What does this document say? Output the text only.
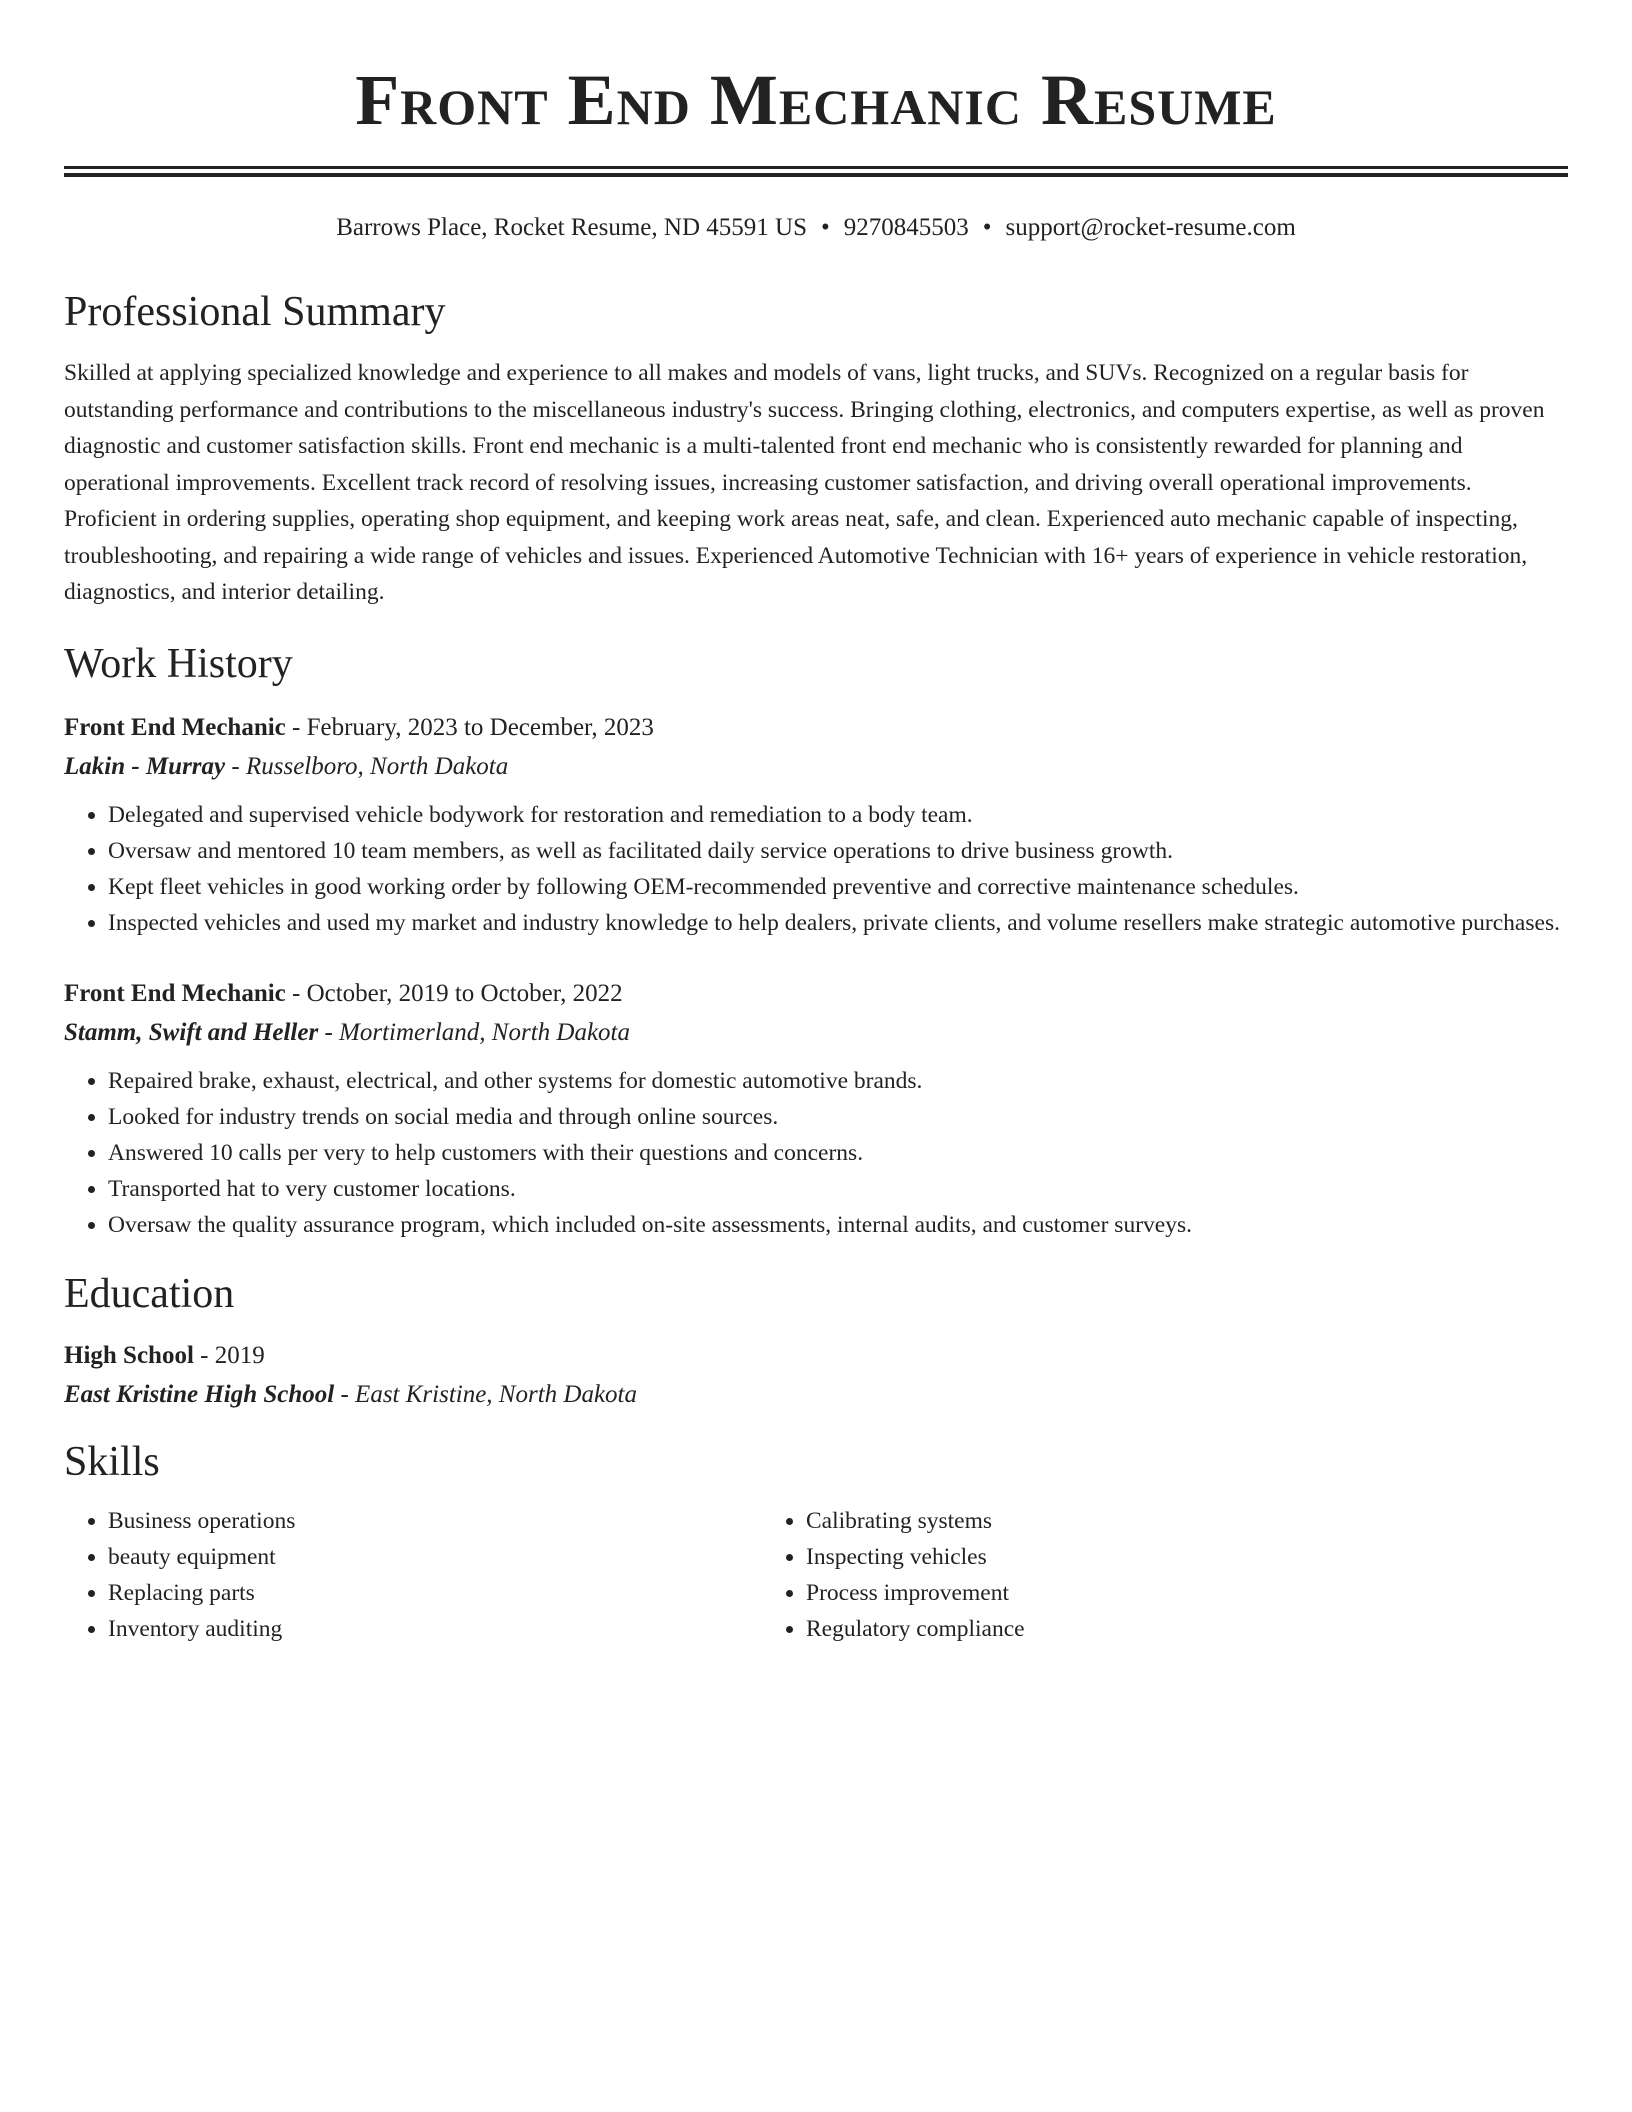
Front End Mechanic Resume
Barrows Place, Rocket Resume, ND 45591 US • 9270845503 • support@rocket-resume.com
Professional Summary
Skilled at applying specialized knowledge and experience to all makes and models of vans, light trucks, and SUVs. Recognized on a regular basis for outstanding performance and contributions to the miscellaneous industry's success. Bringing clothing, electronics, and computers expertise, as well as proven diagnostic and customer satisfaction skills. Front end mechanic is a multi-talented front end mechanic who is consistently rewarded for planning and operational improvements. Excellent track record of resolving issues, increasing customer satisfaction, and driving overall operational improvements. Proficient in ordering supplies, operating shop equipment, and keeping work areas neat, safe, and clean. Experienced auto mechanic capable of inspecting, troubleshooting, and repairing a wide range of vehicles and issues. Experienced Automotive Technician with 16+ years of experience in vehicle restoration, diagnostics, and interior detailing.
Work History
Front End Mechanic - February, 2023 to December, 2023
Lakin - Murray - Russelboro, North Dakota
• Delegated and supervised vehicle bodywork for restoration and remediation to a body team.
• Oversaw and mentored 10 team members, as well as facilitated daily service operations to drive business growth.
• Kept fleet vehicles in good working order by following OEM-recommended preventive and corrective maintenance schedules.
• Inspected vehicles and used my market and industry knowledge to help dealers, private clients, and volume resellers make strategic automotive purchases.
Front End Mechanic - October, 2019 to October, 2022
Stamm, Swift and Heller - Mortimerland, North Dakota
• Repaired brake, exhaust, electrical, and other systems for domestic automotive brands.
• Looked for industry trends on social media and through online sources.
• Answered 10 calls per very to help customers with their questions and concerns.
• Transported hat to very customer locations.
• Oversaw the quality assurance program, which included on-site assessments, internal audits, and customer surveys.
Education
High School - 2019
East Kristine High School - East Kristine, North Dakota
Skills
• Business operations
• beauty equipment
• Replacing parts
• Inventory auditing
• Calibrating systems
• Inspecting vehicles
• Process improvement
• Regulatory compliance
